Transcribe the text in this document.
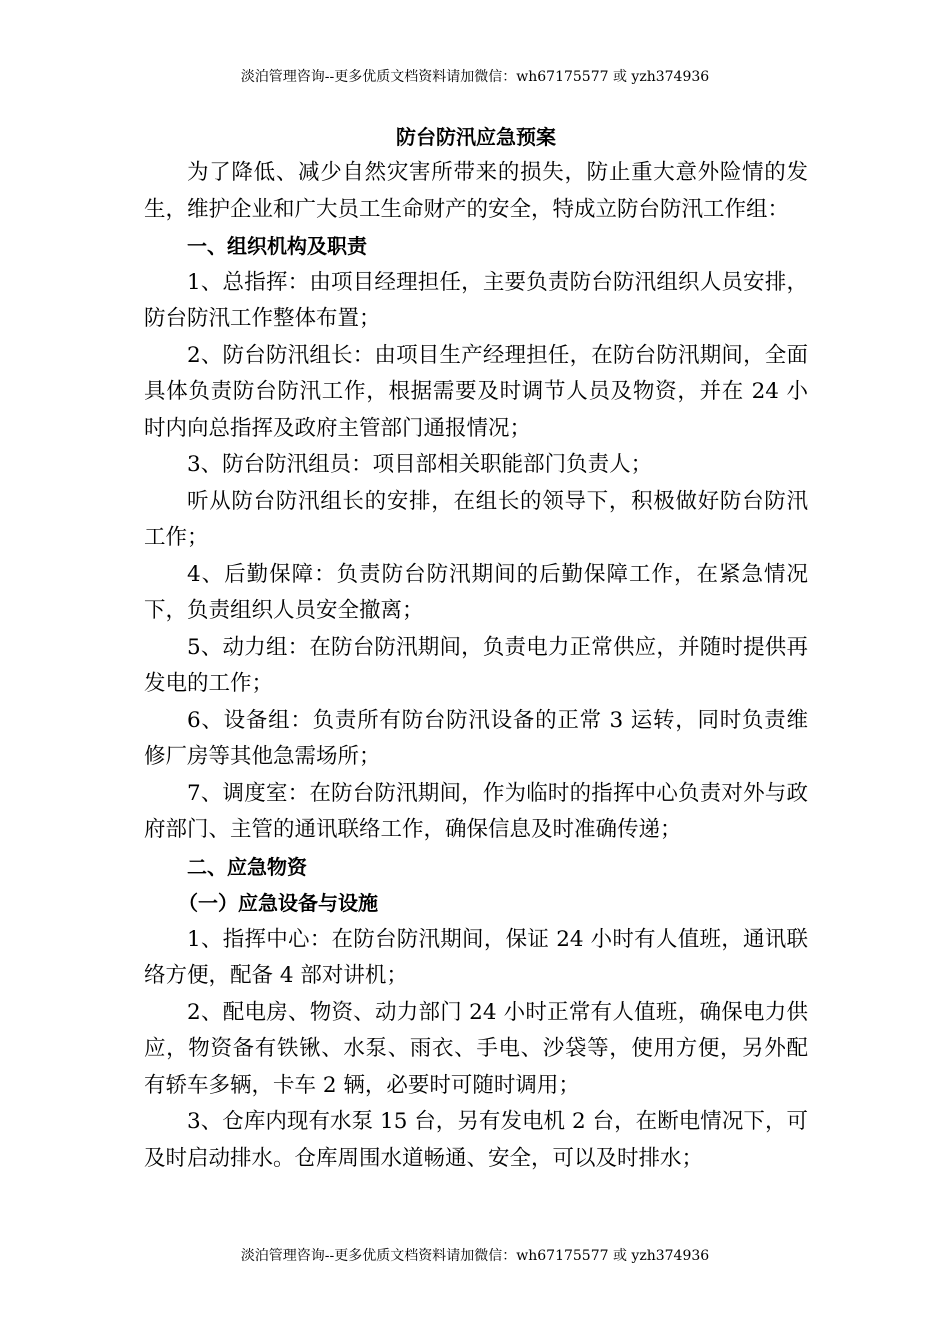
淡泊管理咨询--更多优质文档资料请加微信：wh67175577 或 yzh374936
防台防汛应急预案

为了降低、减少自然灾害所带来的损失，防止重大意外险情的发生，维护企业和广大员工生命财产的安全，特成立防台防汛工作组：

一、组织机构及职责

1、总指挥：由项目经理担任，主要负责防台防汛组织人员安排，防台防汛工作整体布置；

2、防台防汛组长：由项目生产经理担任，在防台防汛期间，全面具体负责防台防汛工作，根据需要及时调节人员及物资，并在 24 小时内向总指挥及政府主管部门通报情况；

3、防台防汛组员：项目部相关职能部门负责人；

听从防台防汛组长的安排，在组长的领导下，积极做好防台防汛工作；

4、后勤保障：负责防台防汛期间的后勤保障工作，在紧急情况下，负责组织人员安全撤离；

5、动力组：在防台防汛期间，负责电力正常供应，并随时提供再发电的工作；

6、设备组：负责所有防台防汛设备的正常 3 运转，同时负责维修厂房等其他急需场所；

7、调度室：在防台防汛期间，作为临时的指挥中心负责对外与政府部门、主管的通讯联络工作，确保信息及时准确传递；

二、应急物资

（一）应急设备与设施

1、指挥中心：在防台防汛期间，保证 24 小时有人值班，通讯联络方便，配备 4 部对讲机；

2、配电房、物资、动力部门 24 小时正常有人值班，确保电力供应，物资备有铁锹、水泵、雨衣、手电、沙袋等，使用方便，另外配有轿车多辆，卡车 2 辆，必要时可随时调用；

3、仓库内现有水泵 15 台，另有发电机 2 台，在断电情况下，可及时启动排水。仓库周围水道畅通、安全，可以及时排水；

淡泊管理咨询--更多优质文档资料请加微信：wh67175577 或 yzh374936
